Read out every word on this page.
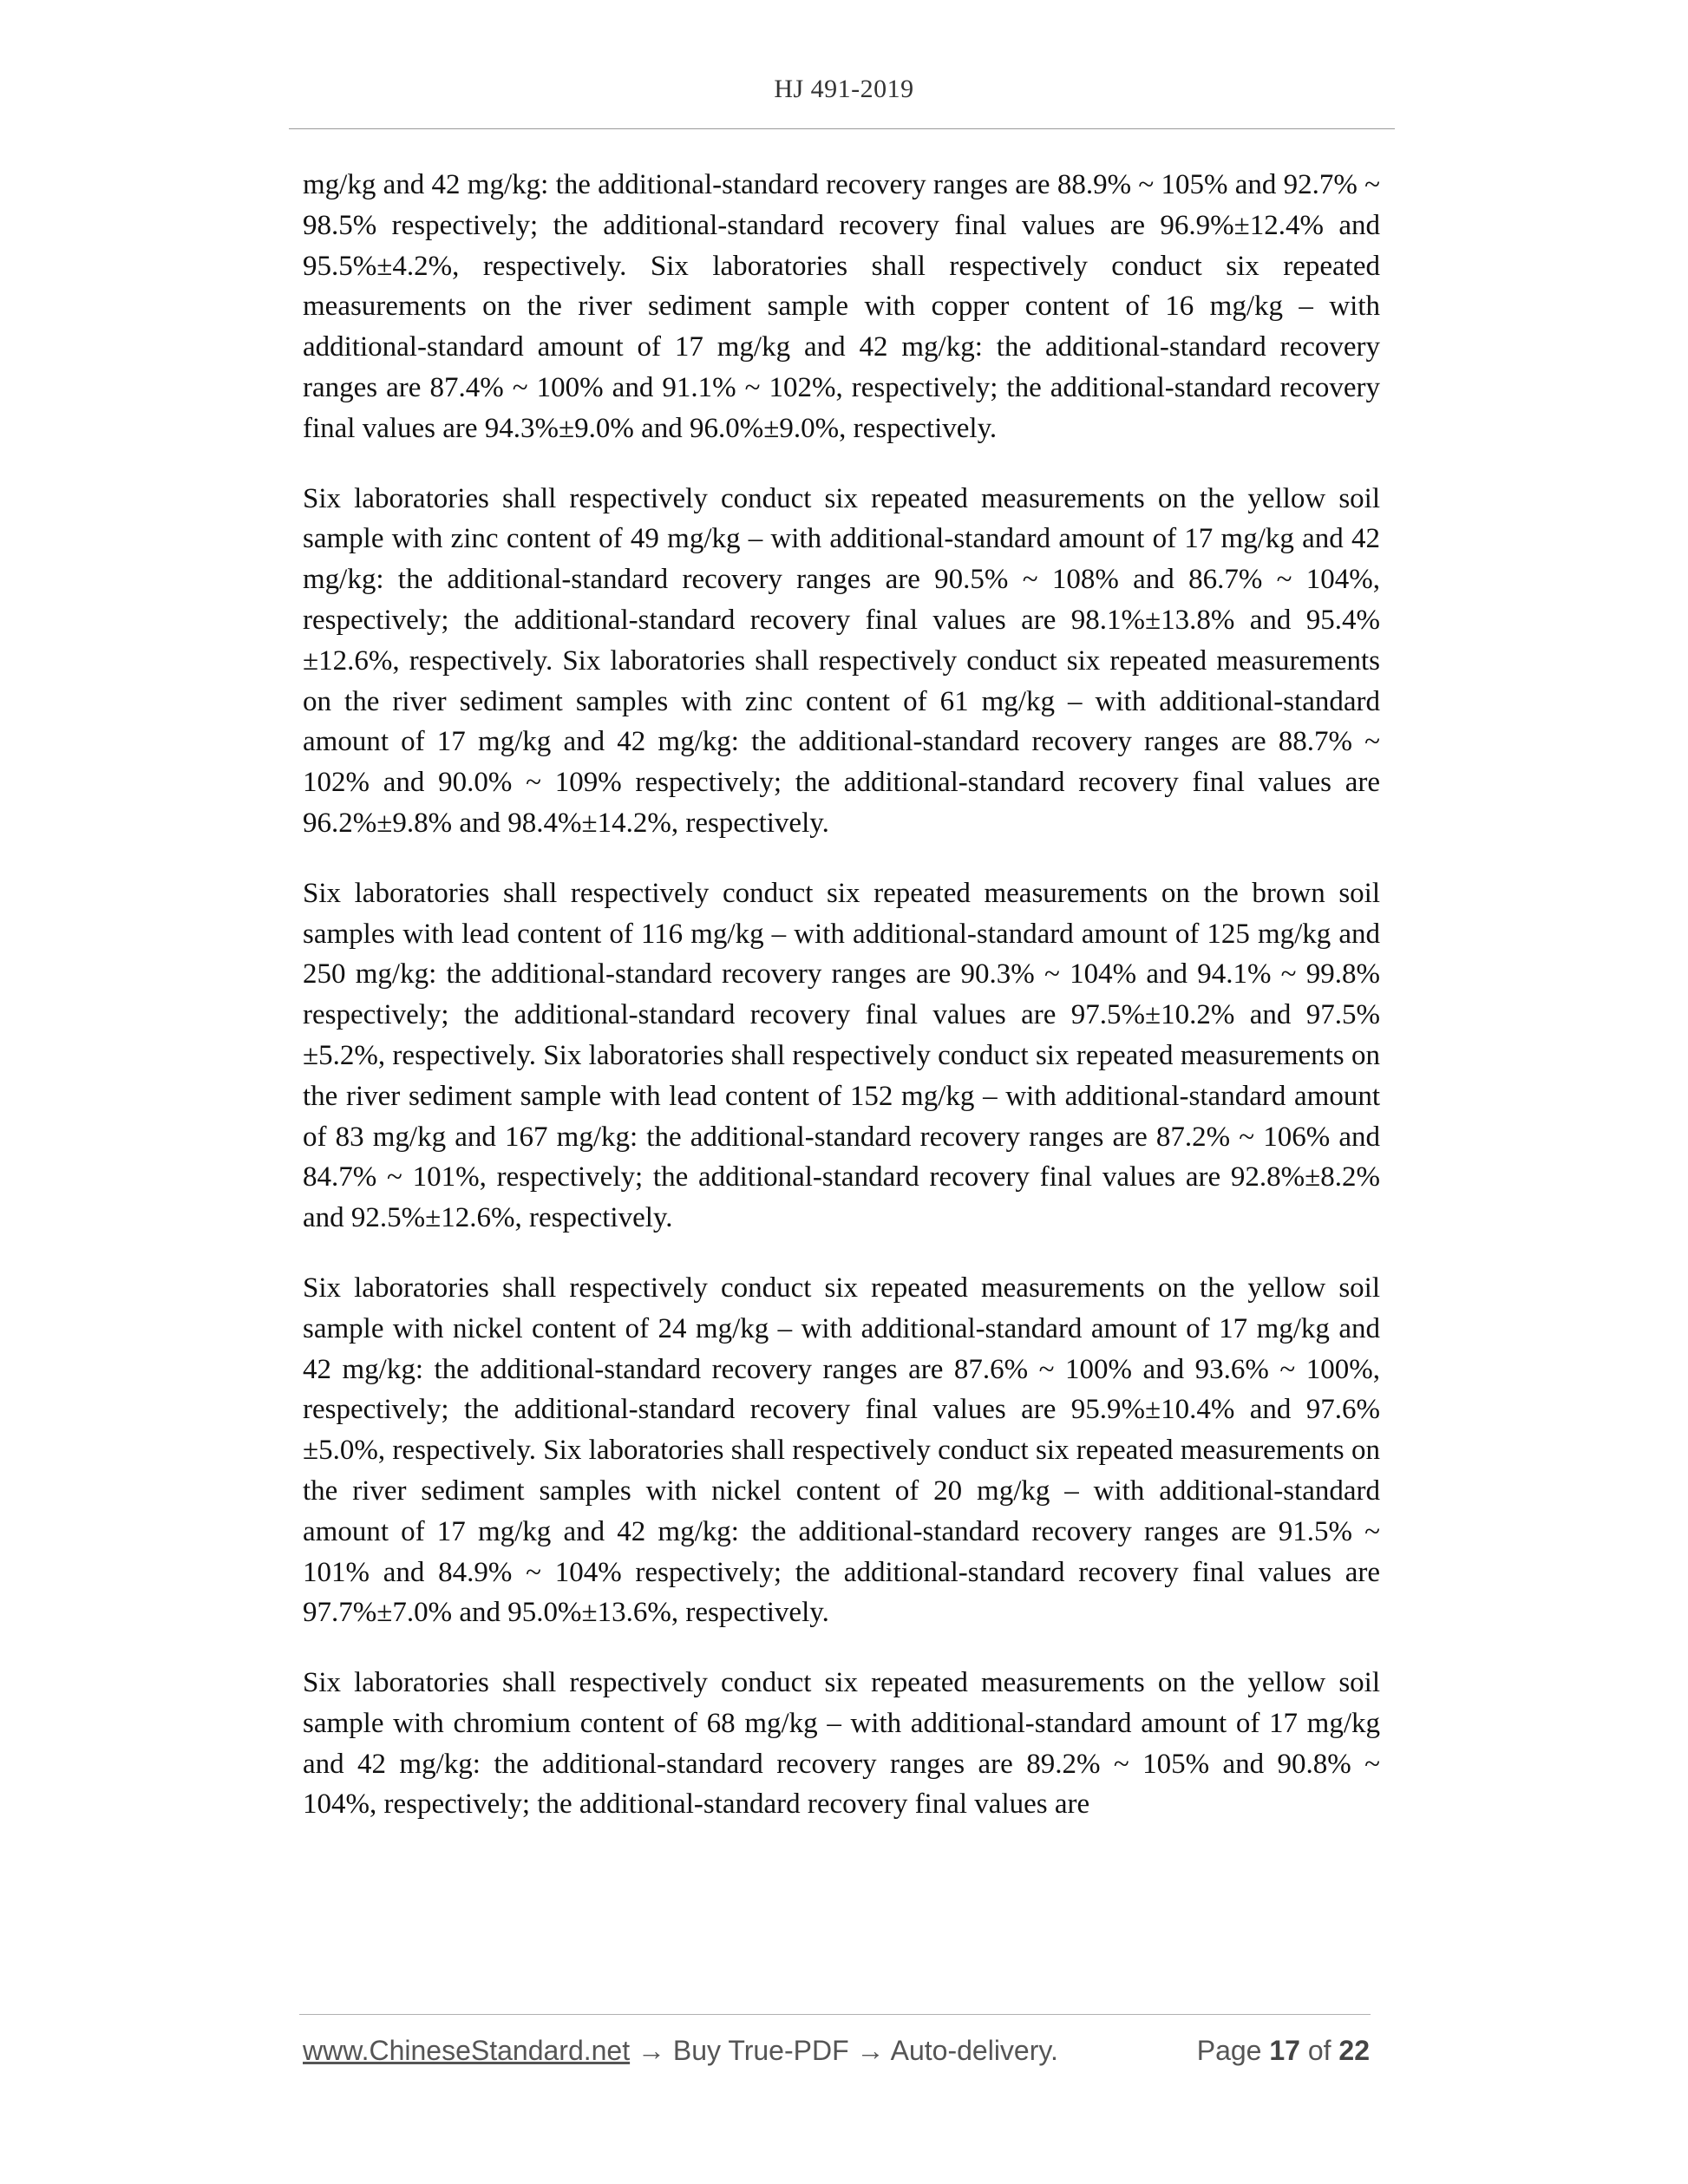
HJ 491-2019

mg/kg and 42 mg/kg: the additional-standard recovery ranges are 88.9% ~ 105% and 92.7% ~ 98.5% respectively; the additional-standard recovery final values are 96.9%±12.4% and 95.5%±4.2%, respectively. Six laboratories shall respectively conduct six repeated measurements on the river sediment sample with copper content of 16 mg/kg – with additional-standard amount of 17 mg/kg and 42 mg/kg: the additional-standard recovery ranges are 87.4% ~ 100% and 91.1% ~ 102%, respectively; the additional-standard recovery final values are 94.3%±9.0% and 96.0%±9.0%, respectively.

Six laboratories shall respectively conduct six repeated measurements on the yellow soil sample with zinc content of 49 mg/kg – with additional-standard amount of 17 mg/kg and 42 mg/kg: the additional-standard recovery ranges are 90.5% ~ 108% and 86.7% ~ 104%, respectively; the additional-standard recovery final values are 98.1%±13.8% and 95.4%±12.6%, respectively. Six laboratories shall respectively conduct six repeated measurements on the river sediment samples with zinc content of 61 mg/kg – with additional-standard amount of 17 mg/kg and 42 mg/kg: the additional-standard recovery ranges are 88.7% ~ 102% and 90.0% ~ 109% respectively; the additional-standard recovery final values are 96.2%±9.8% and 98.4%±14.2%, respectively.

Six laboratories shall respectively conduct six repeated measurements on the brown soil samples with lead content of 116 mg/kg – with additional-standard amount of 125 mg/kg and 250 mg/kg: the additional-standard recovery ranges are 90.3% ~ 104% and 94.1% ~ 99.8% respectively; the additional-standard recovery final values are 97.5%±10.2% and 97.5%±5.2%, respectively. Six laboratories shall respectively conduct six repeated measurements on the river sediment sample with lead content of 152 mg/kg – with additional-standard amount of 83 mg/kg and 167 mg/kg: the additional-standard recovery ranges are 87.2% ~ 106% and 84.7% ~ 101%, respectively; the additional-standard recovery final values are 92.8%±8.2% and 92.5%±12.6%, respectively.

Six laboratories shall respectively conduct six repeated measurements on the yellow soil sample with nickel content of 24 mg/kg – with additional-standard amount of 17 mg/kg and 42 mg/kg: the additional-standard recovery ranges are 87.6% ~ 100% and 93.6% ~ 100%, respectively; the additional-standard recovery final values are 95.9%±10.4% and 97.6%±5.0%, respectively. Six laboratories shall respectively conduct six repeated measurements on the river sediment samples with nickel content of 20 mg/kg – with additional-standard amount of 17 mg/kg and 42 mg/kg: the additional-standard recovery ranges are 91.5% ~ 101% and 84.9% ~ 104% respectively; the additional-standard recovery final values are 97.7%±7.0% and 95.0%±13.6%, respectively.

Six laboratories shall respectively conduct six repeated measurements on the yellow soil sample with chromium content of 68 mg/kg – with additional-standard amount of 17 mg/kg and 42 mg/kg: the additional-standard recovery ranges are 89.2% ~ 105% and 90.8% ~ 104%, respectively; the additional-standard recovery final values are

www.ChineseStandard.net → Buy True-PDF → Auto-delivery.	Page 17 of 22
